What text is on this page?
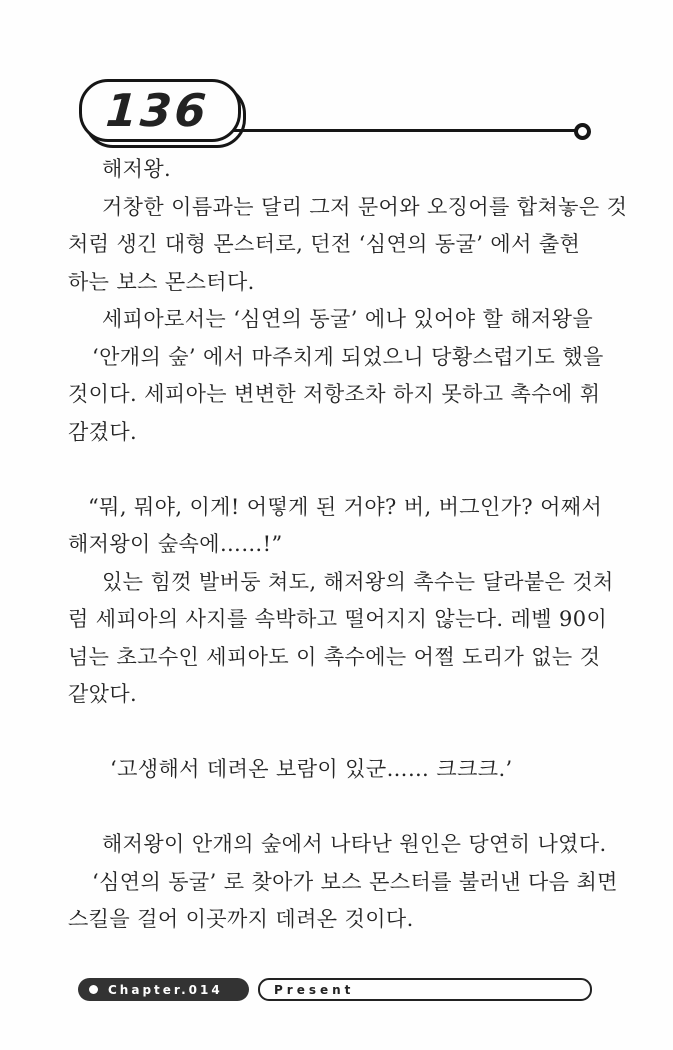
136
해저왕.
거창한 이름과는 달리 그저 문어와 오징어를 합쳐놓은 것
처럼 생긴 대형 몬스터로, 던전 ‘심연의 동굴’ 에서 출현
하는 보스 몬스터다.
세피아로서는 ‘심연의 동굴’ 에나 있어야 할 해저왕을
‘안개의 숲’ 에서 마주치게 되었으니 당황스럽기도 했을
것이다. 세피아는 변변한 저항조차 하지 못하고 촉수에 휘
감겼다.
“뭐, 뭐야, 이게! 어떻게 된 거야? 버, 버그인가? 어째서
해저왕이 숲속에……!”
있는 힘껏 발버둥 쳐도, 해저왕의 촉수는 달라붙은 것처
럼 세피아의 사지를 속박하고 떨어지지 않는다. 레벨 90이
넘는 초고수인 세피아도 이 촉수에는 어쩔 도리가 없는 것
같았다.
‘고생해서 데려온 보람이 있군…… 크크크.’
해저왕이 안개의 숲에서 나타난 원인은 당연히 나였다.
‘심연의 동굴’ 로 찾아가 보스 몬스터를 불러낸 다음 최면
스킬을 걸어 이곳까지 데려온 것이다.
Chapter.014	Present
